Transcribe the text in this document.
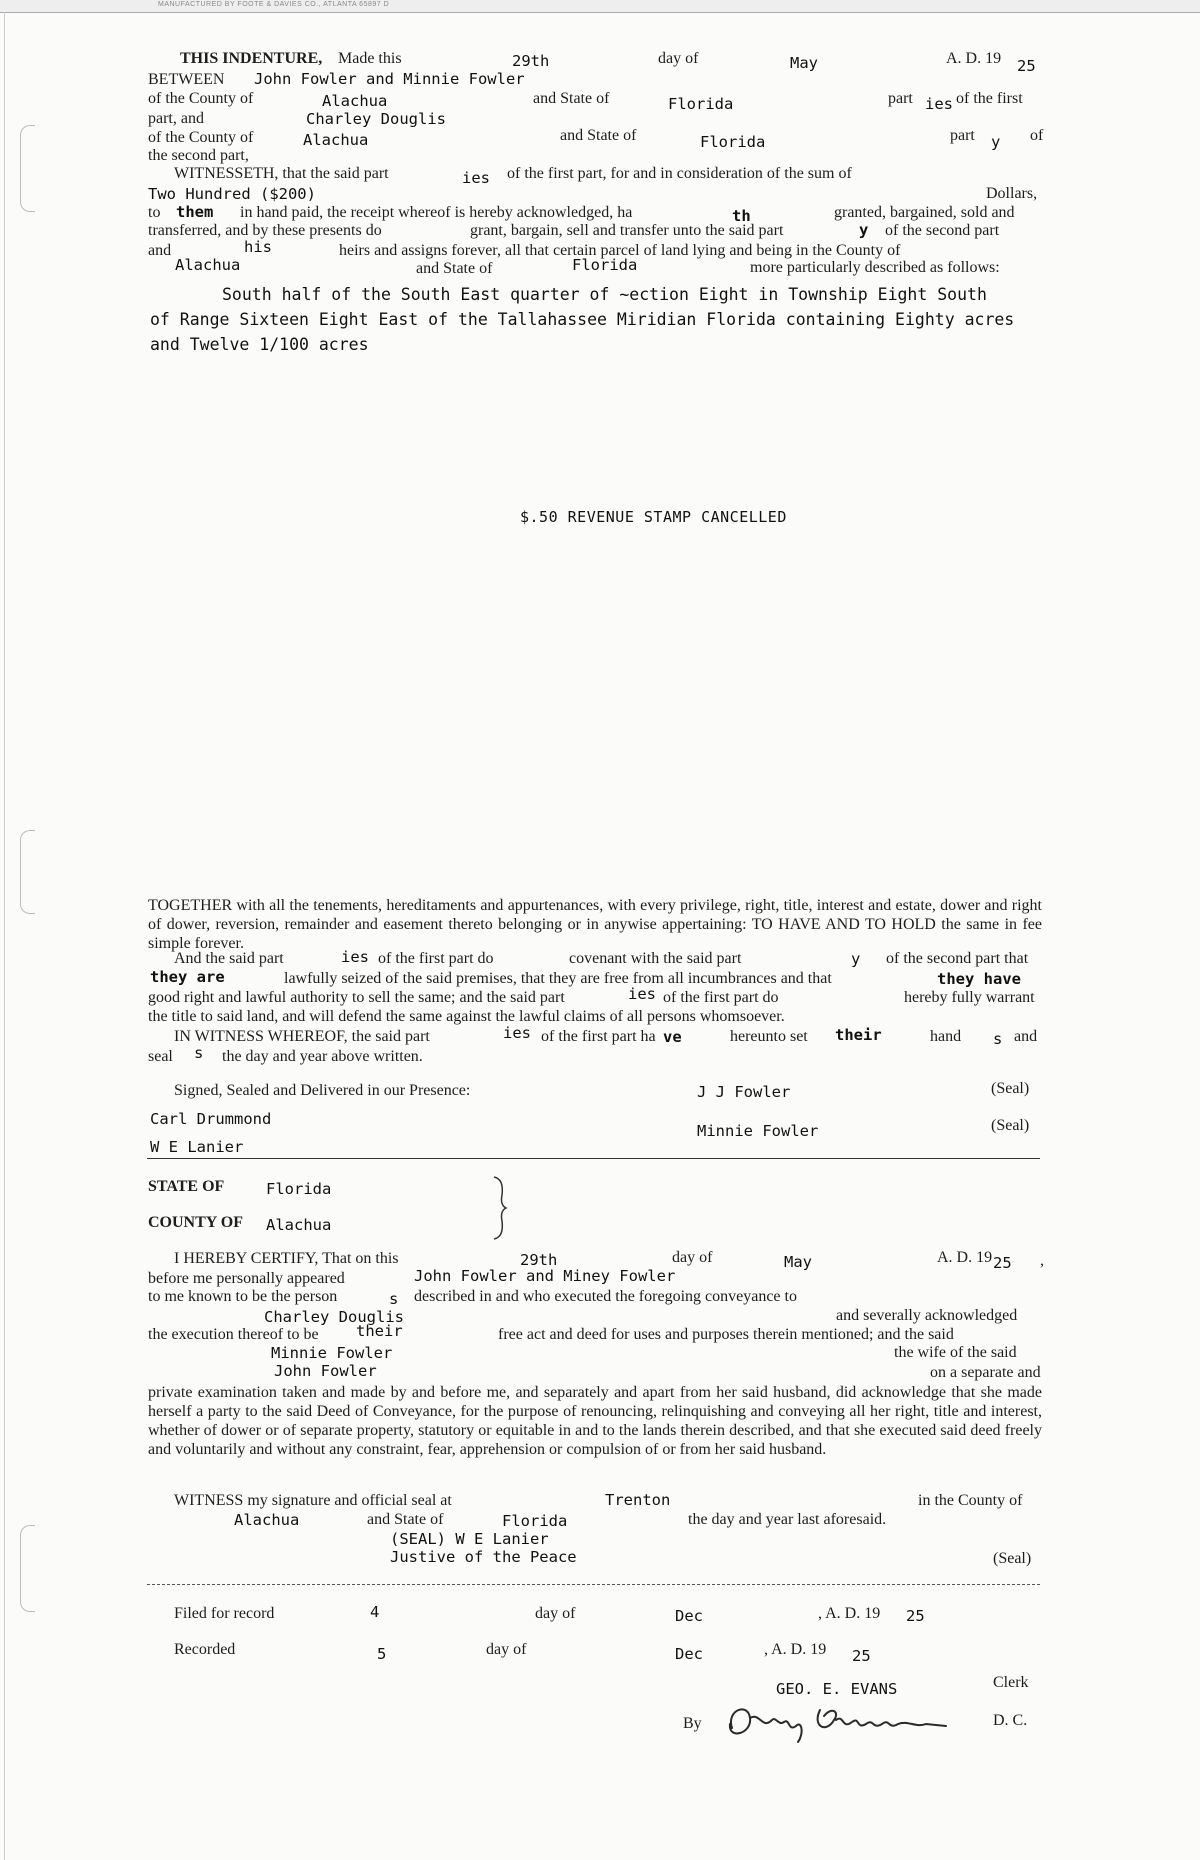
MANUFACTURED BY FOOTE & DAVIES CO., ATLANTA 65897 D
THIS INDENTURE, Made this	29th	day of	May	A. D. 19 25
BETWEEN John Fowler and Minnie Fowler
of the County of	Alachua	and State of	Florida	part ies of the first
part, and	Charley Douglis
of the County of	Alachua	and State of	Florida	part y of
the second part,
WITNESSETH, that the said part	ies of the first part, for and in consideration of the sum of
Two Hundred ($200)	Dollars,
to them in hand paid, the receipt whereof is hereby acknowledged, ha	th	granted, bargained, sold and
transferred, and by these presents do	grant, bargain, sell and transfer unto the said part	y of the second part
and	his	heirs and assigns forever, all that certain parcel of land lying and being in the County of
Alachua	and State of	Florida	more particularly described as follows:
South half of the South East quarter of ~ection Eight in Township Eight South
of Range Sixteen Eight East of the Tallahassee Miridian Florida containing Eighty acres
and Twelve 1/100 acres
$.50 REVENUE STAMP CANCELLED
TOGETHER with all the tenements, hereditaments and appurtenances, with every privilege, right, title, interest and estate, dower and right of dower, reversion, remainder and easement thereto belonging or in anywise appertaining: TO HAVE AND TO HOLD the same in fee simple forever.
And the said part	ies of the first part do	covenant with the said part	y of the second part that
they are	lawfully seized of the said premises, that they are free from all incumbrances and that	they have
good right and lawful authority to sell the same; and the said part	ies of the first part do	hereby fully warrant
the title to said land, and will defend the same against the lawful claims of all persons whomsoever.
IN WITNESS WHEREOF, the said part	ies of the first part ha ve	hereunto set their	hand s and
seal s the day and year above written.
Signed, Sealed and Delivered in our Presence:	J J Fowler	(Seal)
Carl Drummond
Minnie Fowler	(Seal)
W E Lanier
STATE OF	Florida
COUNTY OF Alachua
I HEREBY CERTIFY, That on this	29th	day of	May	A. D. 19 25 ,
before me personally appeared	John Fowler and Miney Fowler
to me known to be the person	s described in and who executed the foregoing conveyance to
Charley Douglis	and severally acknowledged
the execution thereof to be their	free act and deed for uses and purposes therein mentioned; and the said
Minnie Fowler	the wife of the said
John Fowler	on a separate and
private examination taken and made by and before me, and separately and apart from her said husband, did acknowledge that she made herself a party to the said Deed of Conveyance, for the purpose of renouncing, relinquishing and conveying all her right, title and interest, whether of dower or of separate property, statutory or equitable in and to the lands therein described, and that she executed said deed freely and voluntarily and without any constraint, fear, apprehension or compulsion of or from her said husband.
WITNESS my signature and official seal at	Trenton	in the County of
Alachua	and State of	Florida	the day and year last aforesaid.
(SEAL) W E Lanier
Justive of the Peace	(Seal)
Filed for record	4	day of	Dec	, A. D. 19 25
Recorded	5	day of	Dec	, A. D. 19 25
GEO. E. EVANS	Clerk
By	D. C.
